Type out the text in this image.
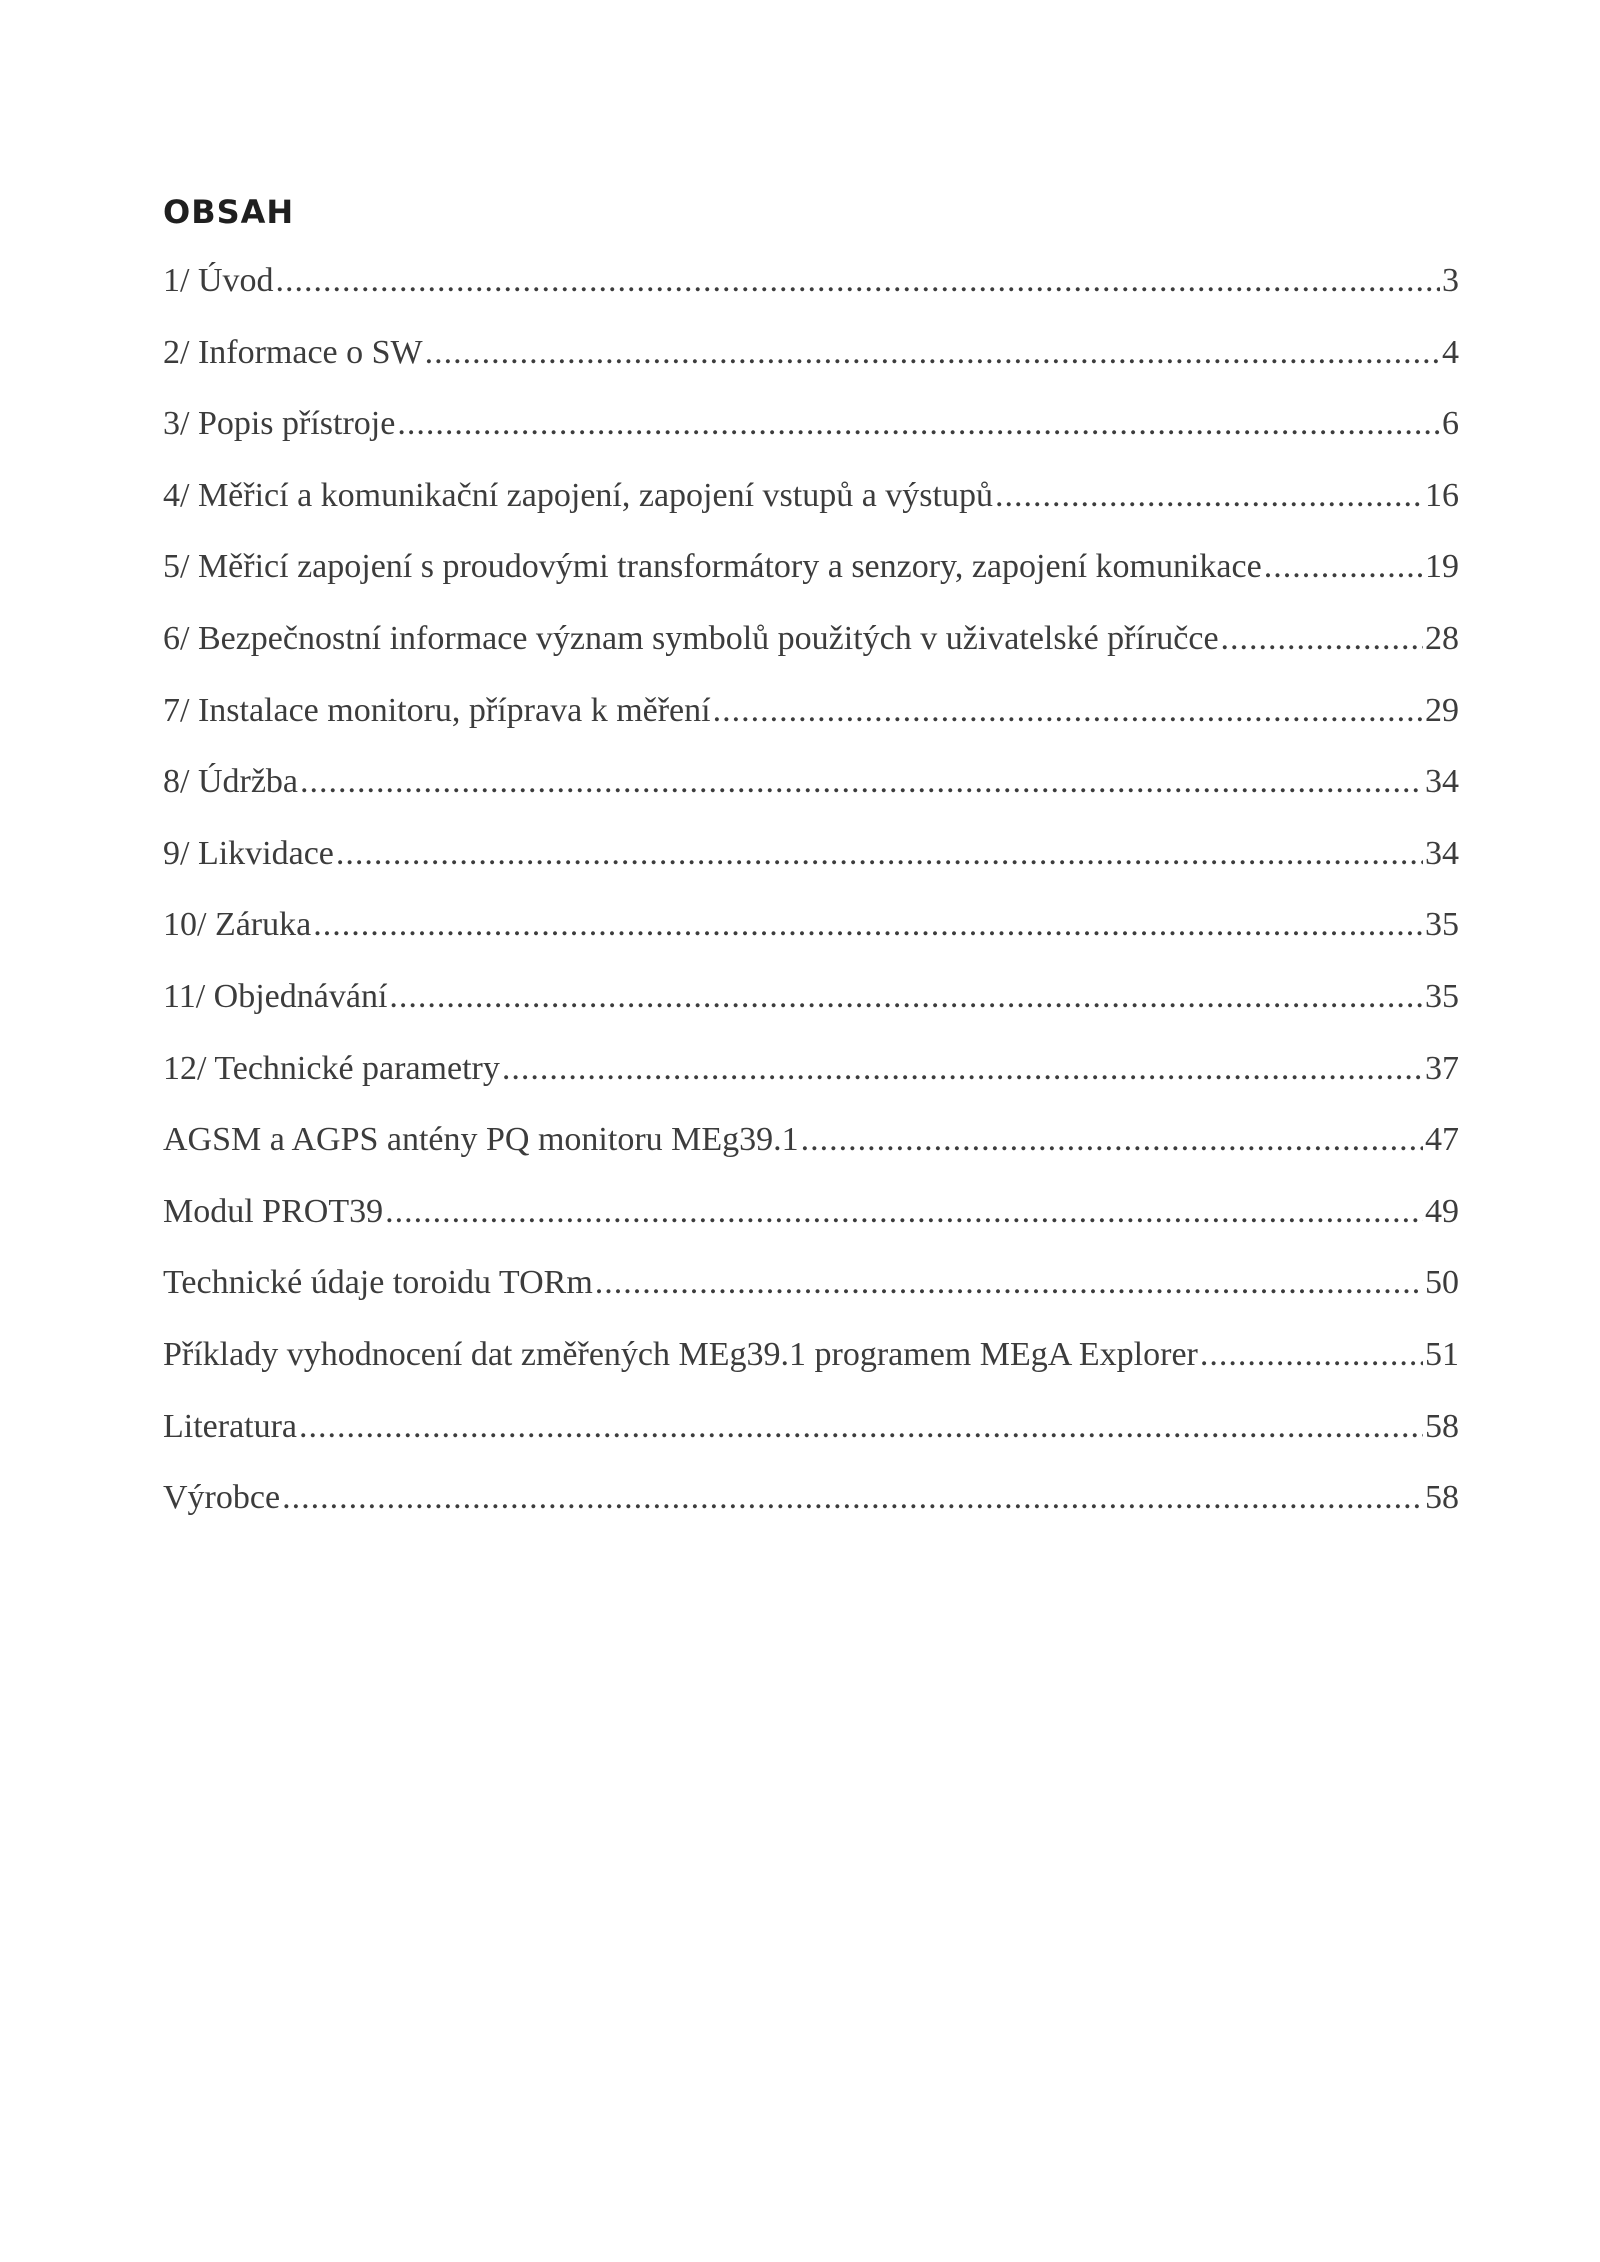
OBSAH
1/ Úvod .....	3
2/ Informace o SW .....	4
3/ Popis přístroje .....	6
4/ Měřicí a komunikační zapojení, zapojení vstupů a výstupů .....	16
5/ Měřicí zapojení s proudovými transformátory a senzory, zapojení komunikace .....	19
6/ Bezpečnostní informace význam symbolů použitých v uživatelské příručce .....	28
7/ Instalace monitoru, příprava k měření .....	29
8/ Údržba .....	34
9/ Likvidace .....	34
10/ Záruka .....	35
11/ Objednávání .....	35
12/ Technické parametry .....	37
AGSM a AGPS antény PQ monitoru MEg39.1 .....	47
Modul PROT39 .....	49
Technické údaje toroidu TORm .....	50
Příklady vyhodnocení dat změřených MEg39.1 programem MEgA Explorer .....	51
Literatura .....	58
Výrobce .....	58
